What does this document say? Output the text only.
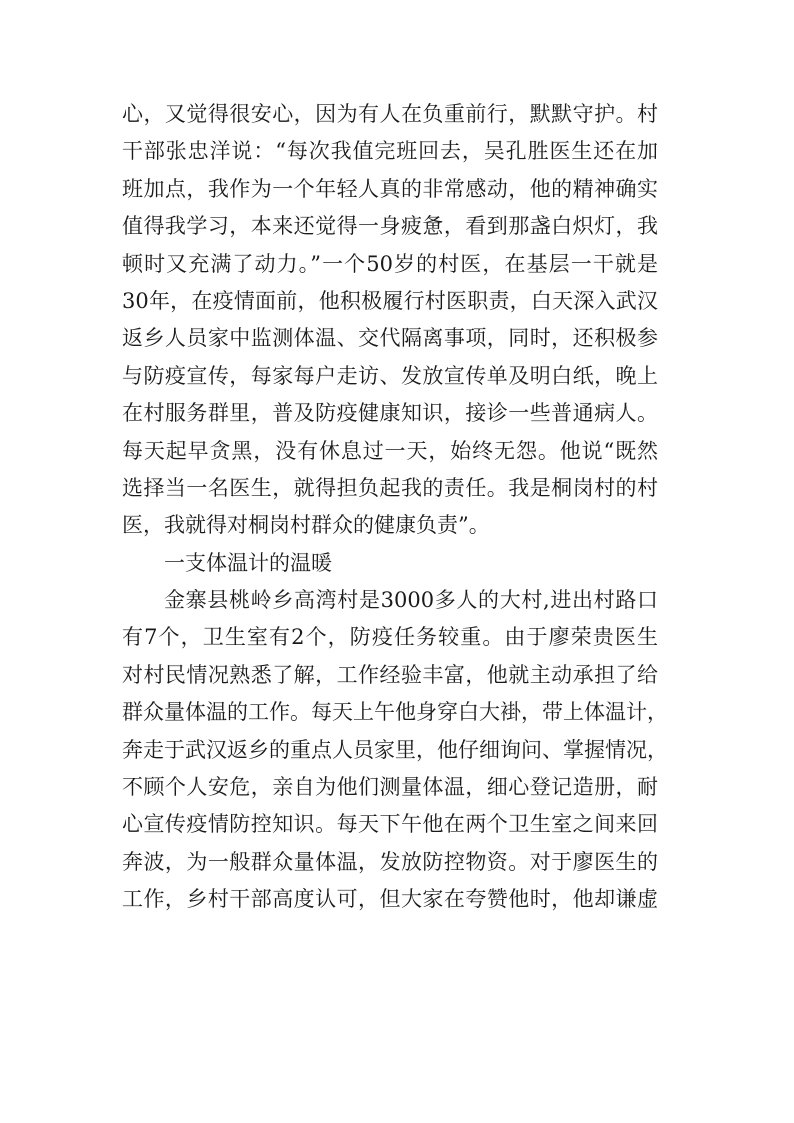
心，又觉得很安心，因为有人在负重前行，默默守护。村
干部张忠洋说：“每次我值完班回去，吴孔胜医生还在加
班加点，我作为一个年轻人真的非常感动，他的精神确实
值得我学习，本来还觉得一身疲惫，看到那盏白炽灯，我
顿时又充满了动力。”一个50岁的村医，在基层一干就是
30年，在疫情面前，他积极履行村医职责，白天深入武汉
返乡人员家中监测体温、交代隔离事项，同时，还积极参
与防疫宣传，每家每户走访、发放宣传单及明白纸，晚上
在村服务群里，普及防疫健康知识，接诊一些普通病人。
每天起早贪黑，没有休息过一天，始终无怨。他说“既然
选择当一名医生，就得担负起我的责任。我是桐岗村的村
医，我就得对桐岗村群众的健康负责”。
一支体温计的温暖
金寨县桃岭乡高湾村是3000多人的大村,进出村路口
有7个，卫生室有2个，防疫任务较重。由于廖荣贵医生
对村民情况熟悉了解，工作经验丰富，他就主动承担了给
群众量体温的工作。每天上午他身穿白大褂，带上体温计，
奔走于武汉返乡的重点人员家里，他仔细询问、掌握情况，
不顾个人安危，亲自为他们测量体温，细心登记造册，耐
心宣传疫情防控知识。每天下午他在两个卫生室之间来回
奔波，为一般群众量体温，发放防控物资。对于廖医生的
工作，乡村干部高度认可，但大家在夸赞他时，他却谦虚
